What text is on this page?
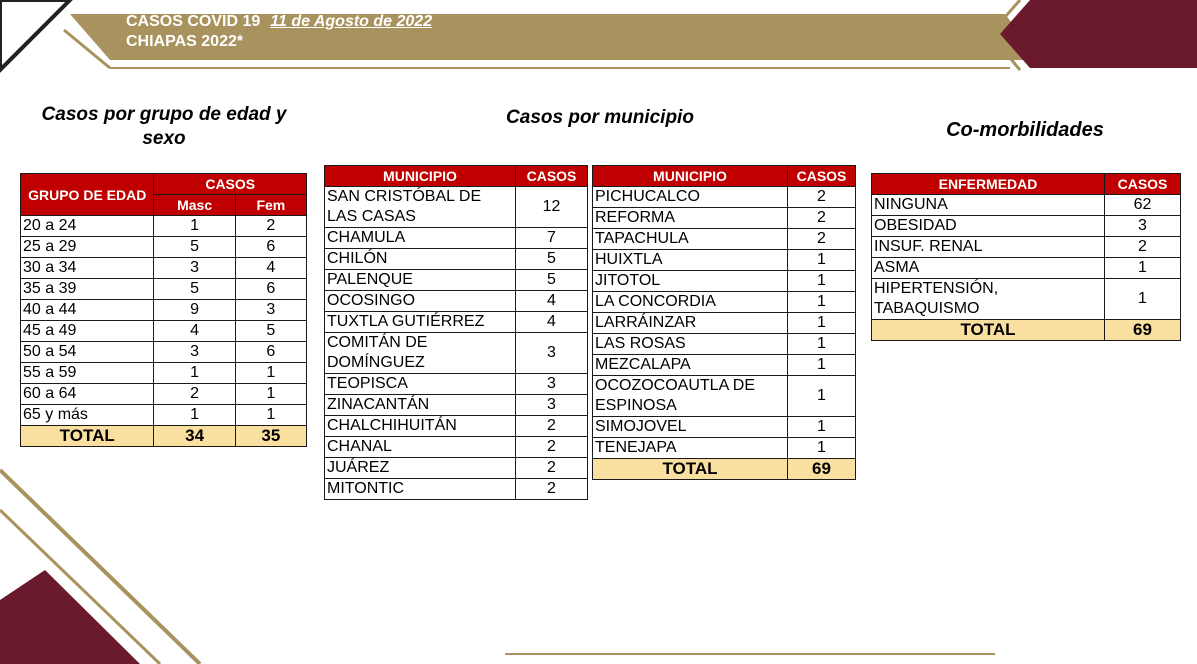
CASOS COVID 19 11 de Agosto de 2022
CHIAPAS 2022*
Casos por grupo de edad y sexo
Casos por municipio
Co-morbilidades
GRUPO DE EDAD	CASOS	
	Masc	Fem
20 a 24	1	2
25 a 29	5	6
30 a 34	3	4
35 a 39	5	6
40 a 44	9	3
45 a 49	4	5
50 a 54	3	6
55 a 59	1	1
60 a 64	2	1
65 y más	1	1
TOTAL	34	35
MUNICIPIO	CASOS
SAN CRISTÓBAL DE LAS CASAS	12
CHAMULA	7
CHILÓN	5
PALENQUE	5
OCOSINGO	4
TUXTLA GUTIÉRREZ	4
COMITÁN DE DOMÍNGUEZ	3
TEOPISCA	3
ZINACANTÁN	3
CHALCHIHUITÁN	2
CHANAL	2
JUÁREZ	2
MITONTIC	2
MUNICIPIO	CASOS
PICHUCALCO	2
REFORMA	2
TAPACHULA	2
HUIXTLA	1
JITOTOL	1
LA CONCORDIA	1
LARRÁINZAR	1
LAS ROSAS	1
MEZCALAPA	1
OCOZOCOAUTLA DE ESPINOSA	1
SIMOJOVEL	1
TENEJAPA	1
TOTAL	69
ENFERMEDAD	CASOS
NINGUNA	62
OBESIDAD	3
INSUF. RENAL	2
ASMA	1
HIPERTENSIÓN, TABAQUISMO	1
TOTAL	69
